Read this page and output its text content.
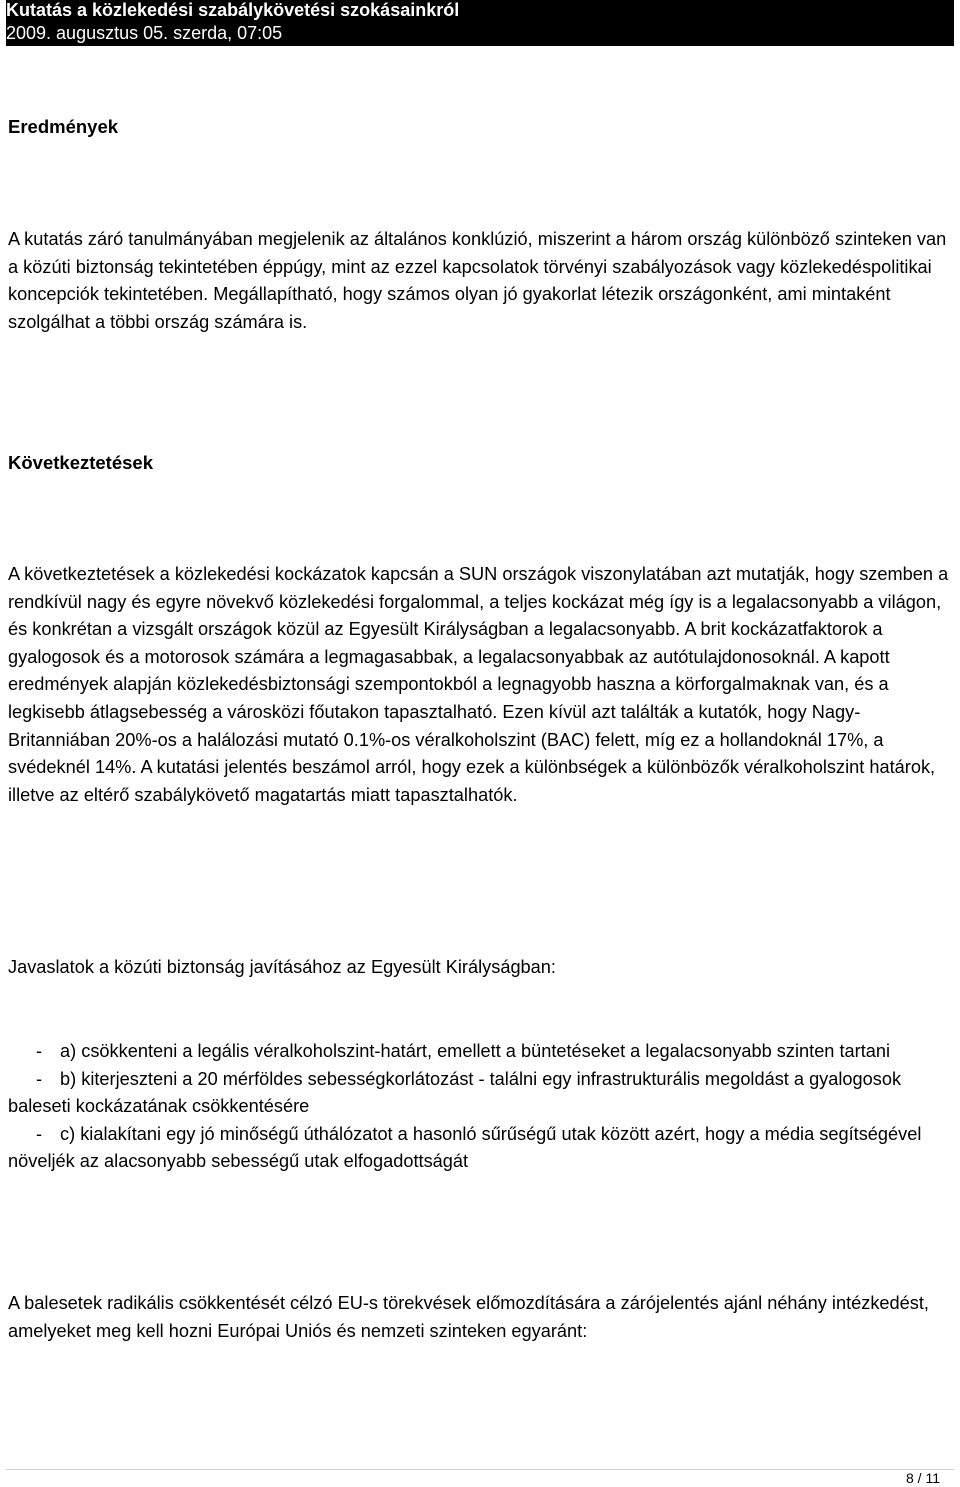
Kutatás a közlekedési szabálykövetési szokásainkról
2009. augusztus 05. szerda, 07:05
Eredmények

A kutatás záró tanulmányában megjelenik az általános konklúzió, miszerint a három ország különböző szinteken van a közúti biztonság tekintetében éppúgy, mint az ezzel kapcsolatok törvényi szabályozások vagy közlekedéspolitikai koncepciók tekintetében. Megállapítható, hogy számos olyan jó gyakorlat létezik országonként, ami mintaként szolgálhat a többi ország számára is.

Következtetések

A következtetések a közlekedési kockázatok kapcsán a SUN országok viszonylatában azt mutatják, hogy szemben a rendkívül nagy és egyre növekvő közlekedési forgalommal, a teljes kockázat még így is a legalacsonyabb a világon, és konkrétan a vizsgált országok közül az Egyesült Királyságban a legalacsonyabb. A brit kockázatfaktorok a gyalogosok és a motorosok számára a legmagasabbak, a legalacsonyabbak az autótulajdonosoknál. A kapott eredmények alapján közlekedésbiztonsági szempontokból a legnagyobb haszna a körforgalmaknak van, és a legkisebb átlagsebesség a városközi főutakon tapasztalható. Ezen kívül azt találták a kutatók, hogy Nagy-Britanniában 20%-os a halálozási mutató 0.1%-os véralkoholszint (BAC) felett, míg ez a hollandoknál 17%, a svédeknél 14%. A kutatási jelentés beszámol arról, hogy ezek a különbségek a különbözők véralkoholszint határok, illetve az eltérő szabálykövető magatartás miatt tapasztalhatók.

Javaslatok a közúti biztonság javításához az Egyesült Királyságban:

- a) csökkenteni a legális véralkoholszint-határt, emellett a büntetéseket a legalacsonyabb szinten tartani
- b) kiterjeszteni a 20 mérföldes sebességkorlátozást - találni egy infrastrukturális megoldást a gyalogosok baleseti kockázatának csökkentésére
- c) kialakítani egy jó minőségű úthálózatot a hasonló sűrűségű utak között azért, hogy a média segítségével növeljék az alacsonyabb sebességű utak elfogadottságát

A balesetek radikális csökkentését célzó EU-s törekvések előmozdítására a zárójelentés ajánl néhány intézkedést, amelyeket meg kell hozni Európai Uniós és nemzeti szinteken egyaránt:

8 / 11
